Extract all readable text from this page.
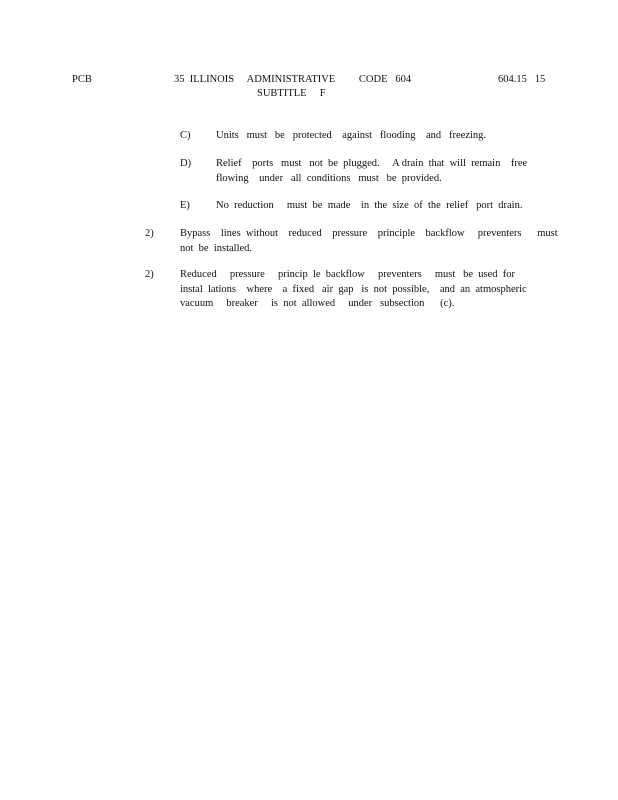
PCB	35  ILLINOIS     ADMINISTRATIVE         CODE   604
SUBTITLE     F
604.15   15
C) Units   must   be   protected    against   flooding    and   freezing.
D) Relief    ports   must   not  be  plugged.     A drain  that  will  remain    free
flowing    under   all  conditions   must   be  provided.
E) No  reduction     must  be  made    in  the  size  of  the  relief   port  drain.
2)	Bypass    lines  without    reduced    pressure    principle    backflow     preventers      must
not  be  installed.
2)	Reduced     pressure     princip  le  backflow     preventers     must   be  used  for
instal  lations    where    a  fixed   air  gap   is  not  possible,    and  an  atmospheric
vacuum     breaker     is  not  allowed     under   subsection      (c).
